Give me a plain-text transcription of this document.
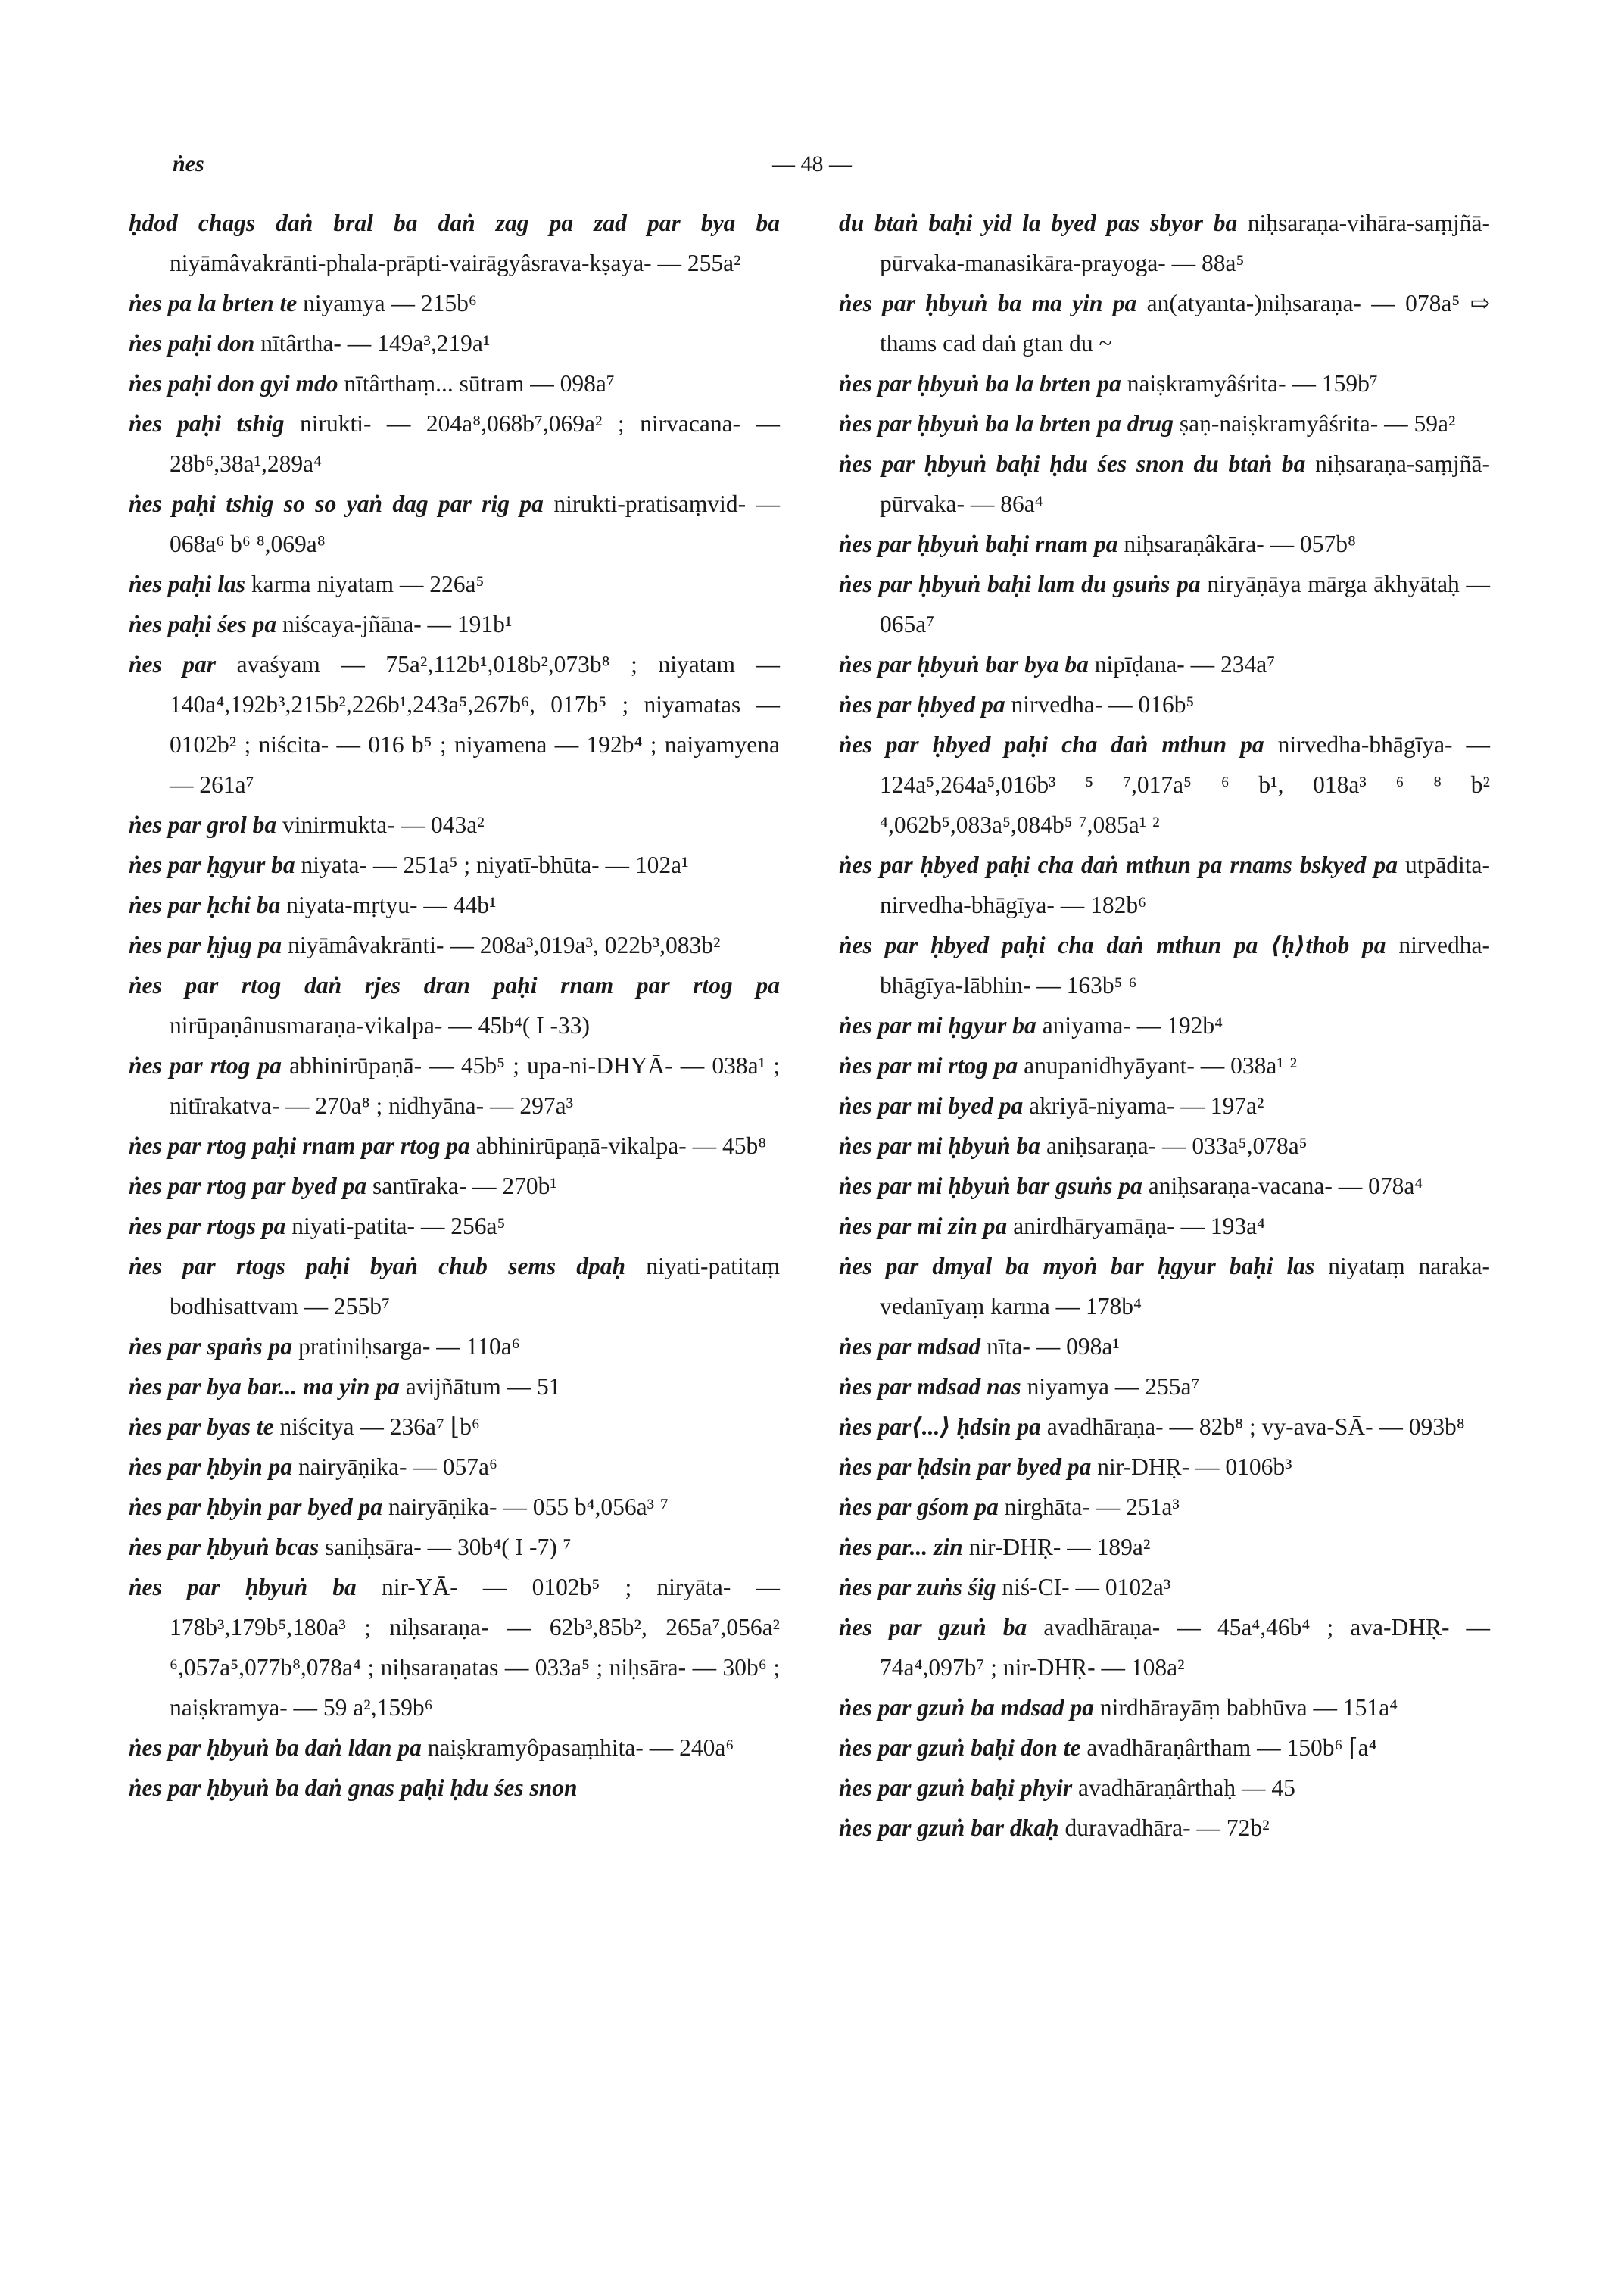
ṅes	— 48 —
ḥdod chags daṅ bral ba daṅ zag pa zad par bya ba niyāmâvakrānti-phala-prāpti-vairāgyâsrava-kṣaya- — 255a²
ṅes pa la brten te niyamya — 215b⁶
ṅes paḥi don nītârtha- — 149a³,219a¹
ṅes paḥi don gyi mdo nītârthaṃ... sūtram — 098a⁷
ṅes paḥi tshig nirukti- — 204a⁸,068b⁷,069a² ; nirvacana- — 28b⁶,38a¹,289a⁴
ṅes paḥi tshig so so yaṅ dag par rig pa nirukti-pratisaṃvid- — 068a⁶ b⁶ ⁸,069a⁸
ṅes paḥi las karma niyatam — 226a⁵
ṅes paḥi śes pa niścaya-jñāna- — 191b¹
ṅes par avaśyam — 75a²,112b¹,018b²,073b⁸ ; niyatam — 140a⁴,192b³,215b²,226b¹,243a⁵,267b⁶, 017b⁵ ; niyamatas — 0102b² ; niścita- — 016 b⁵ ; niyamena — 192b⁴ ; naiyamyena — 261a⁷
ṅes par grol ba vinirmukta- — 043a²
ṅes par ḥgyur ba niyata- — 251a⁵ ; niyatī-bhūta- — 102a¹
ṅes par ḥchi ba niyata-mṛtyu- — 44b¹
ṅes par ḥjug pa niyāmâvakrānti- — 208a³,019a³, 022b³,083b²
ṅes par rtog daṅ rjes dran paḥi rnam par rtog pa nirūpaṇânusmaraṇa-vikalpa- — 45b⁴( I -33)
ṅes par rtog pa abhinirūpaṇā- — 45b⁵ ; upa-ni-DHYĀ- — 038a¹ ; nitīrakatva- — 270a⁸ ; nidhyāna- — 297a³
ṅes par rtog paḥi rnam par rtog pa abhinirūpaṇā-vikalpa- — 45b⁸
ṅes par rtog par byed pa santīraka- — 270b¹
ṅes par rtogs pa niyati-patita- — 256a⁵
ṅes par rtogs paḥi byaṅ chub sems dpaḥ niyati-patitaṃ bodhisattvam — 255b⁷
ṅes par spaṅs pa pratiniḥsarga- — 110a⁶
ṅes par bya bar... ma yin pa avijñātum — 51
ṅes par byas te niścitya — 236a⁷ ⌊b⁶
ṅes par ḥbyin pa nairyāṇika- — 057a⁶
ṅes par ḥbyin par byed pa nairyāṇika- — 055 b⁴,056a³ ⁷
ṅes par ḥbyuṅ bcas saniḥsāra- — 30b⁴( I -7) ⁷
ṅes par ḥbyuṅ ba nir-YĀ- — 0102b⁵ ; niryāta- — 178b³,179b⁵,180a³ ; niḥsaraṇa- — 62b³,85b², 265a⁷,056a² ⁶,057a⁵,077b⁸,078a⁴ ; niḥsaraṇatas — 033a⁵ ; niḥsāra- — 30b⁶ ; naiṣkramya- — 59 a²,159b⁶
ṅes par ḥbyuṅ ba daṅ ldan pa naiṣkramyôpasaṃhita- — 240a⁶
ṅes par ḥbyuṅ ba daṅ gnas paḥi ḥdu śes snon
du btaṅ baḥi yid la byed pas sbyor ba niḥsaraṇa-vihāra-saṃjñā-pūrvaka-manasikāra-prayoga- — 88a⁵
ṅes par ḥbyuṅ ba ma yin pa an(atyanta-)niḥsaraṇa- — 078a⁵ ⇨ thams cad daṅ gtan du ~
ṅes par ḥbyuṅ ba la brten pa naiṣkramyâśrita- — 159b⁷
ṅes par ḥbyuṅ ba la brten pa drug ṣaṇ-naiṣkramyâśrita- — 59a²
ṅes par ḥbyuṅ baḥi ḥdu śes snon du btaṅ ba niḥsaraṇa-saṃjñā-pūrvaka- — 86a⁴
ṅes par ḥbyuṅ baḥi rnam pa niḥsaraṇâkāra- — 057b⁸
ṅes par ḥbyuṅ baḥi lam du gsuṅs pa niryāṇāya mārga ākhyātaḥ — 065a⁷
ṅes par ḥbyuṅ bar bya ba nipīḍana- — 234a⁷
ṅes par ḥbyed pa nirvedha- — 016b⁵
ṅes par ḥbyed paḥi cha daṅ mthun pa nirvedha-bhāgīya- — 124a⁵,264a⁵,016b³ ⁵ ⁷,017a⁵ ⁶ b¹, 018a³ ⁶ ⁸ b² ⁴,062b⁵,083a⁵,084b⁵ ⁷,085a¹ ²
ṅes par ḥbyed paḥi cha daṅ mthun pa rnams bskyed pa utpādita-nirvedha-bhāgīya- — 182b⁶
ṅes par ḥbyed paḥi cha daṅ mthun pa ⟨ḥ⟩thob pa nirvedha-bhāgīya-lābhin- — 163b⁵ ⁶
ṅes par mi ḥgyur ba aniyama- — 192b⁴
ṅes par mi rtog pa anupanidhyāyant- — 038a¹ ²
ṅes par mi byed pa akriyā-niyama- — 197a²
ṅes par mi ḥbyuṅ ba aniḥsaraṇa- — 033a⁵,078a⁵
ṅes par mi ḥbyuṅ bar gsuṅs pa aniḥsaraṇa-vacana- — 078a⁴
ṅes par mi zin pa anirdhāryamāṇa- — 193a⁴
ṅes par dmyal ba myoṅ bar ḥgyur baḥi las niyataṃ naraka-vedanīyaṃ karma — 178b⁴
ṅes par mdsad nīta- — 098a¹
ṅes par mdsad nas niyamya — 255a⁷
ṅes par⟨...⟩ ḥdsin pa avadhāraṇa- — 82b⁸ ; vy-ava-SĀ- — 093b⁸
ṅes par ḥdsin par byed pa nir-DHṚ- — 0106b³
ṅes par gśom pa nirghāta- — 251a³
ṅes par... zin nir-DHṚ- — 189a²
ṅes par zuṅs śig niś-CI- — 0102a³
ṅes par gzuṅ ba avadhāraṇa- — 45a⁴,46b⁴ ; ava-DHṚ- — 74a⁴,097b⁷ ; nir-DHṚ- — 108a²
ṅes par gzuṅ ba mdsad pa nirdhārayāṃ babhūva — 151a⁴
ṅes par gzuṅ baḥi don te avadhāraṇârtham — 150b⁶ ⌈a⁴
ṅes par gzuṅ baḥi phyir avadhāraṇârthaḥ — 45
ṅes par gzuṅ bar dkaḥ duravadhāra- — 72b²
